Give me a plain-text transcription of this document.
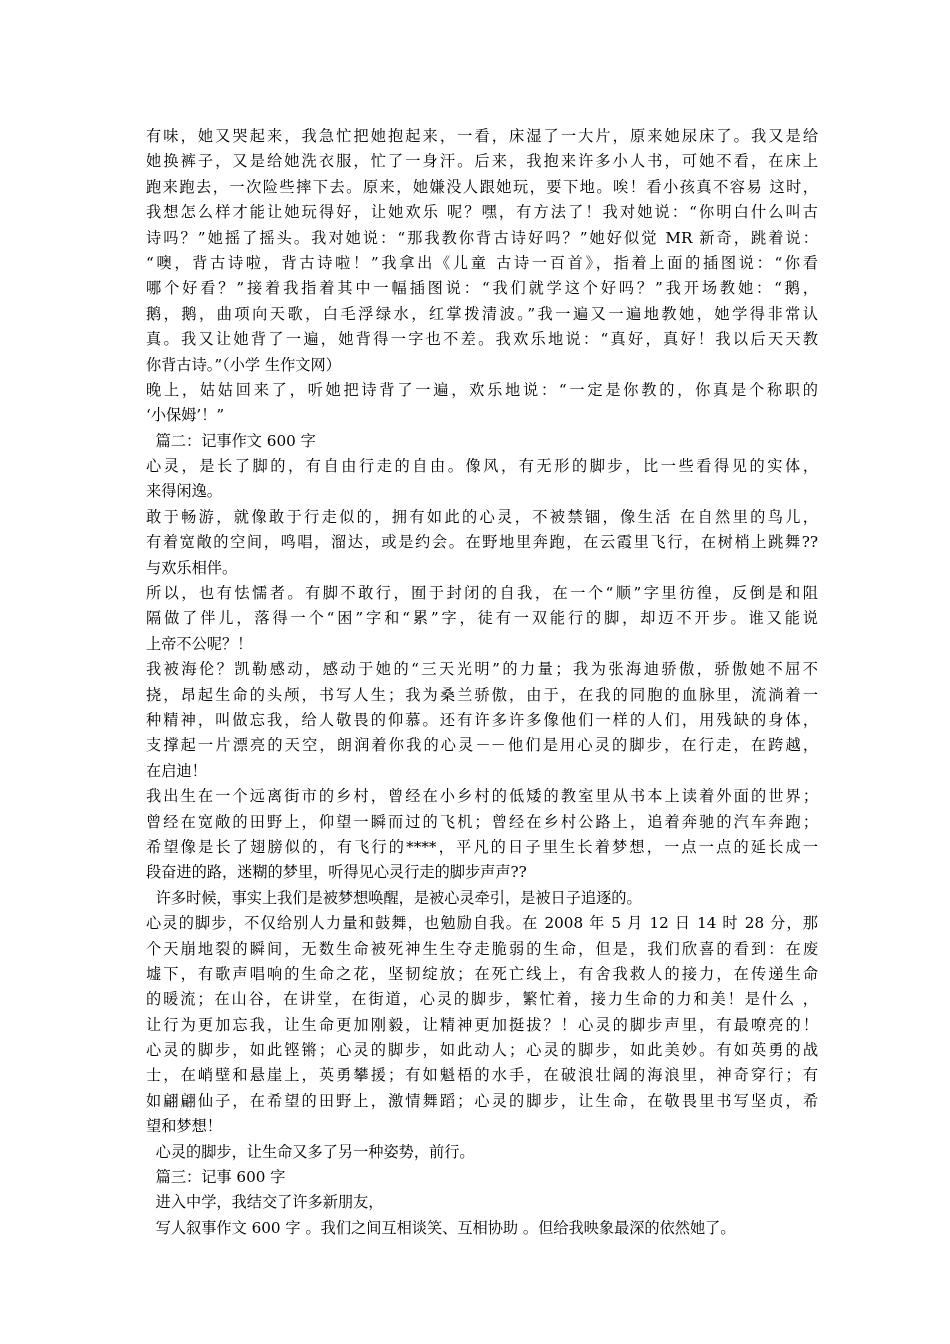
有味，她又哭起来，我急忙把她抱起来，一看，床湿了一大片，原来她尿床了。我又是给
她换裤子，又是给她洗衣服，忙了一身汗。后来，我抱来许多小人书，可她不看，在床上
跑来跑去，一次险些摔下去。原来，她嫌没人跟她玩，要下地。唉！看小孩真不容易 这时，
我想怎么样才能让她玩得好，让她欢乐 呢？嘿，有方法了！我对她说：“你明白什么叫古
诗吗？”她摇了摇头。我对她说：“那我教你背古诗好吗？”她好似觉 MR 新奇，跳着说：
“噢，背古诗啦，背古诗啦！”我拿出《儿童 古诗一百首》，指着上面的插图说：“你看
哪个好看？”接着我指着其中一幅插图说：“我们就学这个好吗？”我开场教她：“鹅，
鹅，鹅，曲项向天歌，白毛浮绿水，红掌拨清波。”我一遍又一遍地教她，她学得非常认
真。我又让她背了一遍，她背得一字也不差。我欢乐地说：“真好，真好！我以后天天教
你背古诗。”（小学 生作文网）
晚上，姑姑回来了，听她把诗背了一遍，欢乐地说：“一定是你教的，你真是个称职的
‘小保姆’！”
篇二：记事作文 600 字
心灵，是长了脚的，有自由行走的自由。像风，有无形的脚步，比一些看得见的实体，
来得闲逸。
敢于畅游，就像敢于行走似的，拥有如此的心灵，不被禁锢，像生活 在自然里的鸟儿，
有着宽敞的空间，鸣唱，溜达，或是约会。在野地里奔跑，在云霞里飞行，在树梢上跳舞??
与欢乐相伴。
所以，也有怯懦者。有脚不敢行，囿于封闭的自我，在一个“顺”字里彷徨，反倒是和阻
隔做了伴儿，落得一个“困”字和“累”字，徒有一双能行的脚，却迈不开步。谁又能说
上帝不公呢？！
我被海伦？凯勒感动，感动于她的“三天光明”的力量；我为张海迪骄傲，骄傲她不屈不
挠，昂起生命的头颅，书写人生；我为桑兰骄傲，由于，在我的同胞的血脉里，流淌着一
种精神，叫做忘我，给人敬畏的仰慕。还有许多许多像他们一样的人们，用残缺的身体，
支撑起一片漂亮的天空，朗润着你我的心灵－－他们是用心灵的脚步，在行走，在跨越，
在启迪！
我出生在一个远离街市的乡村，曾经在小乡村的低矮的教室里从书本上读着外面的世界；
曾经在宽敞的田野上，仰望一瞬而过的飞机；曾经在乡村公路上，追着奔驰的汽车奔跑；
希望像是长了翅膀似的，有飞行的****，平凡的日子里生长着梦想，一点一点的延长成一
段奋进的路，迷糊的梦里，听得见心灵行走的脚步声声??
许多时候，事实上我们是被梦想唤醒，是被心灵牵引，是被日子追逐的。
心灵的脚步，不仅给别人力量和鼓舞，也勉励自我。在 2008 年 5 月 12 日 14 时 28 分，那
个天崩地裂的瞬间，无数生命被死神生生夺走脆弱的生命，但是，我们欣喜的看到：在废
墟下，有歌声唱响的生命之花，坚韧绽放；在死亡线上，有舍我救人的接力，在传递生命
的暖流；在山谷，在讲堂，在街道，心灵的脚步，繁忙着，接力生命的力和美！是什么 ，
让行为更加忘我，让生命更加刚毅，让精神更加挺拔？！心灵的脚步声里，有最嘹亮的！
心灵的脚步，如此铿锵；心灵的脚步，如此动人；心灵的脚步，如此美妙。有如英勇的战
士，在峭壁和悬崖上，英勇攀援；有如魁梧的水手，在破浪壮阔的海浪里，神奇穿行；有
如翩翩仙子，在希望的田野上，激情舞蹈；心灵的脚步，让生命，在敬畏里书写坚贞，希
望和梦想！
心灵的脚步，让生命又多了另一种姿势，前行。
篇三：记事 600 字
进入中学，我结交了许多新朋友，
写人叙事作文 600 字 。我们之间互相谈笑、互相协助 。但给我映象最深的依然她了。
